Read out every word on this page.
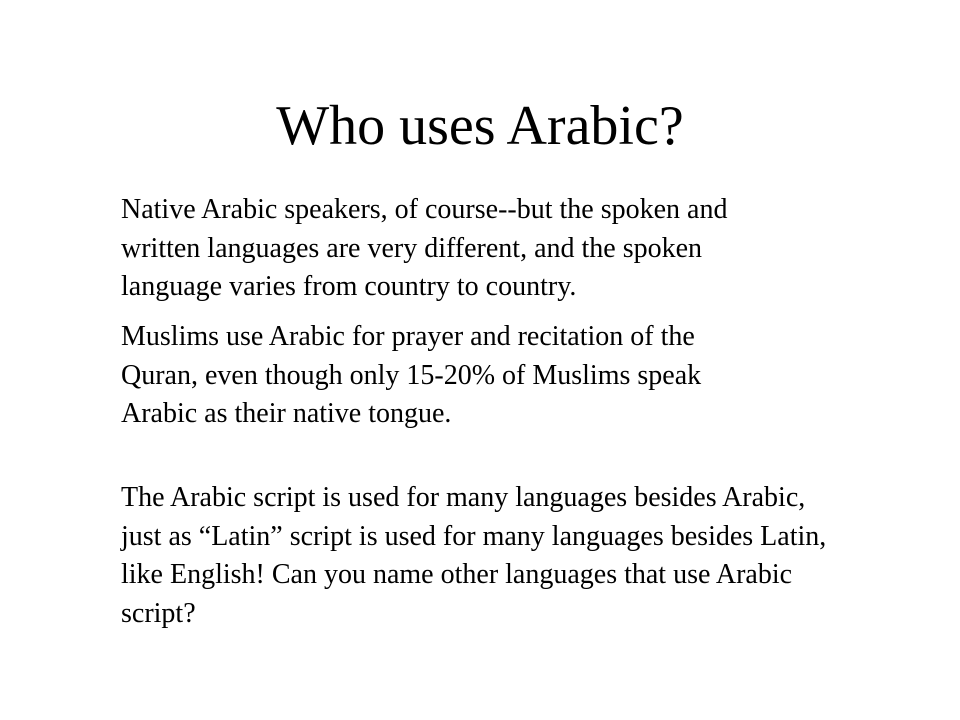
Who uses Arabic?

Native Arabic speakers, of course--but the spoken and
written languages are very different, and the spoken
language varies from country to country.

Muslims use Arabic for prayer and recitation of the
Quran, even though only 15-20% of Muslims speak
Arabic as their native tongue.

The Arabic script is used for many languages besides Arabic,
just as “Latin” script is used for many languages besides Latin,
like English! Can you name other languages that use Arabic
script?
